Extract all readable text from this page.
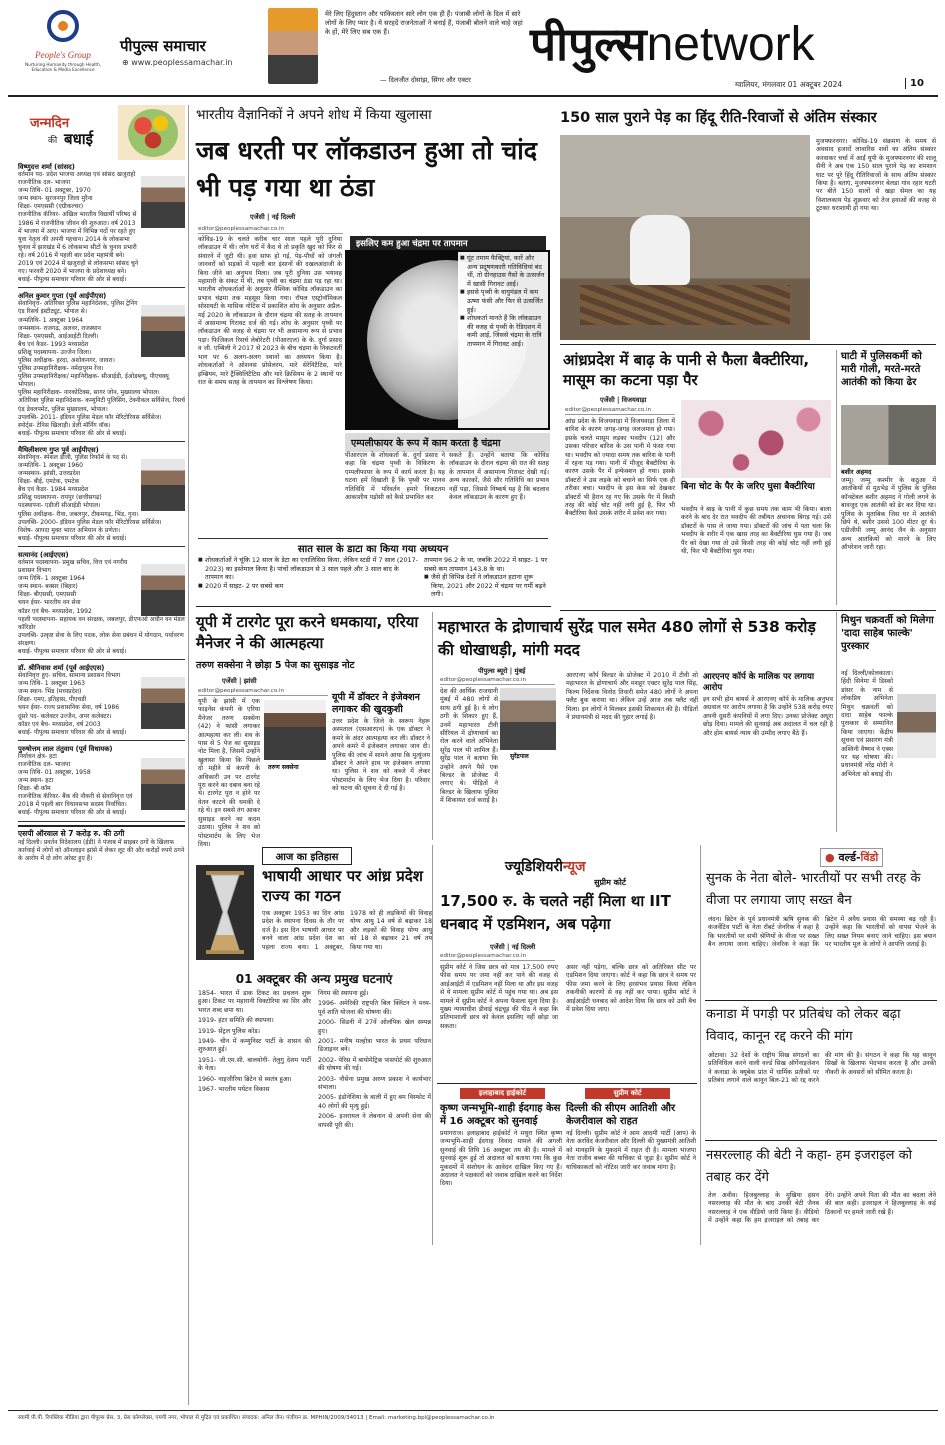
People's Group
Nurturing Humanity through Health, Education & Media Excellence
पीपुल्स समाचार
⊕ www.peoplessamachar.in
मेरे लिए हिंदुस्तान और पाकिस्तान सारे लोग एक ही हैं। पंजाबी लोगों के दिल में सारे लोगों के लिए प्यार है। ये सरहदें राजनेताओं ने बनाई हैं, पंजाबी बोलने वाले चाहे जहां के हों, मेरे लिए सब एक हैं।
— दिलजीत दोसांझ, सिंगर और एक्टर
पीपुल्सnetwork
ग्वालियर, मंगलवार 01 अक्टूबर 2024	10
जन्मदिन
की बधाई
विष्णुदत्त शर्मा (सांसद)
वर्तमान पद- प्रदेश भाजपा अध्यक्ष एवं सांसद खजुराहो
राजनीतिक दल- भाजपा
जन्म तिथि- 01 अक्टूबर, 1970
जन्म स्थान- सुरजनपुर जिला मुरैना
शिक्षा- एमएससी (एग्रीकल्चर)
राजनीतिक कॅरियर- अखिल भारतीय विद्यार्थी परिषद से 1986 में राजनीतिक जीवन की शुरुआत। वर्ष 2013 में भाजपा में आए। भाजपा में विभिन्न पदों पर रहते हुए युवा नेतृत्व की अपनी पहचान। 2014 के लोकसभा चुनाव में झारखंड में 6 लोकसभा सीटों के चुनाव प्रभारी रहे। वर्ष 2016 में पहली बार प्रदेश महामंत्री बने। 2019 एवं 2024 में खजुराहो से लोकसभा सांसद चुने गए। फरवरी 2020 में भाजपा के प्रदेशाध्यक्ष बने।
बधाई- पीपुल्स समाचार परिवार की ओर से बधाई।
अनिल कुमार गुप्ता (पूर्व आईपीएस)
सेवानिवृत्त- अतिरिक्त पुलिस महानिदेशक, पुलिस ट्रेनिंग एंड रिसर्च इंस्टीट्यूट, भोपाल से।
जन्मतिथि- 1 अक्टूबर 1964
जन्मस्थान- राजगढ़, अलवर, राजस्थान
शिक्षा- एमएससी, आईआईटी दिल्ली।
बैच एवं कैडर- 1993 मध्यप्रदेश
प्रशिक्षु पदस्थापना- उज्जैन जिला।
पुलिस अधीक्षक- हरदा, अशोकनगर, जावरा।
पुलिस उपमहानिरीक्षक- नर्मदापुरम रेंज।
पुलिस उपमहानिरीक्षक/ महानिरीक्षक- सीआईडी, ईओडब्ल्यू, पीएचक्यू भोपाल।
पुलिस महानिरीक्षक- नारकोटिक्स, सागर जोन, मुख्यालय भोपाल।
अतिरिक्त पुलिस महानिदेशक- कम्युनिटी पुलिसिंग, टेक्नीकल सर्विसेज, रिसर्च एंड डेवलपमेंट, पुलिस मुख्यालय, भोपाल।
उपलब्धि- 2011- इंडियन पुलिस मेडल फॉर मेरिटोरियस सर्विसेज।
स्पोर्ट्स- टेनिस खिलाड़ी। डेली मॉर्निंग वॉक।
बधाई- पीपुल्स समाचार परिवार की ओर से बधाई।
मैथिलीशरण गुप्त पूर्व आईपीएस)
सेवानिवृत्त- स्पेशल डीजी, पुलिस रिफॉर्म के पद से।
जन्मतिथि- 1 अक्टूबर 1960
जन्मस्थान- झांसी, उत्तरप्रदेश
शिक्षा- बीई, एमटेक, एमटेक
बैच एवं कैडर- 1984 मध्यप्रदेश
प्रशिक्षु पदस्थापना- रायपुर (छत्तीसगढ़)
पदस्थापना- एडीजी सीआईडी भोपाल।
पुलिस अधीक्षक- रीवा, जबलपुर, टीकमगढ़, भिंड, गुना।
उपलब्धि- 2000- इंडियन पुलिस मेडल फॉर मेरिटोरियस सर्विसेज।
विशेष- आपदा मुक्त भारत अभियान के प्रणेता।
बधाई- पीपुल्स समाचार परिवार की ओर से बधाई।
सत्यानंद (आईएएस)
वर्तमान पदस्थापना- प्रमुख सचिव, वित्त एवं नगरीय प्रशासन विभाग
जन्म तिथि- 1 अक्टूबर 1964
जन्म स्थान- बक्सर (बिहार)
शिक्षा- बीएससी, एमएससी
चयन ईयर- भारतीय वन सेवा
कॉडर एवं बैच- मध्यप्रदेश, 1992
पहली पदस्थापना- सहायक वन संरक्षक, जबलपुर, डीएफओ अधीन वन मंडल कॉरिडोर
उपलब्धि- उत्कृष्ट सेवा के लिए पदक, लोक सेवा प्रबंधन में योगदान, पर्यावरण संरक्षण।
बधाई- पीपुल्स समाचार परिवार की ओर से बधाई।
डॉ. श्रीनिवास शर्मा (पूर्व आईएएस)
सेवानिवृत्त हुए- सचिव, सामान्य प्रशासन विभाग
जन्म तिथि- 1 अक्टूबर 1963
जन्म स्थान- भिंड (मध्यप्रदेश)
शिक्षा- एमए, इतिहास, पीएचडी
चयन ईयर- राज्य प्रशासनिक सेवा, वर्ष 1986
दूसरे पद- कलेक्टर उज्जैन, अपर कलेक्टर।
कॉडर एवं बैच- मध्यप्रदेश, वर्ष 2003
बधाई- पीपुल्स समाचार परिवार की ओर से बधाई।
पुरुषोत्तम लाल तंतुवाय (पूर्व विधायक)
निर्वाचन क्षेत्र- हटा
राजनीतिक दल- भाजपा
जन्म तिथि- 01 अक्टूबर, 1958
जन्म स्थान- हटा
शिक्षा- बी कॉम
राजनीतिक कॅरियर- बैंक की नौकरी से सेवानिवृत्त एवं 2018 में पहली बार विधानसभा सदस्य निर्वाचित।
बधाई- पीपुल्स समाचार परिवार की ओर से बधाई।
एसपी ऑरवाल से 7 करोड़ रु. की ठगी
नई दिल्ली। प्रवर्तन निदेशालय (ईडी) ने पंजाब में साइबर ठगों के खिलाफ कार्रवाई में लोगों को ऑनलाइन झांसे में लेकर लूट की और करोड़ों रुपये ठगने के आरोप में दो लोग अरेस्ट हुए हैं।
भारतीय वैज्ञानिकों ने अपने शोध में किया खुलासा
जब धरती पर लॉकडाउन हुआ तो चांद भी पड़ गया था ठंडा
एजेंसी | नई दिल्ली
editor@peoplessamachar.co.in
इसलिए कम हुआ चंद्रमा पर तापमान
■ घूंट तमाम फैक्ट्रियां, कारें और अन्य प्रदूषणकारी गतिविधियां बंद थीं, तो ग्रीनहाउस गैसों के उत्सर्जन में खासी गिरावट आई।
■ इससे पृथ्वी के वायुमंडल में कम ऊष्मा फंसी और फिर से उत्सर्जित हुई।
■ शोधकर्ता मानते हैं कि लॉकडाउन की वजह से पृथ्वी के रेडिएशन में कमी आई, जिससे चंद्रमा के रात्रि तापमान में गिरावट आई।
कोविड-19 के चलते करीब चार साल पहले पूरी दुनिया लॉकडाउन में थी। लोग घरों में कैद थे तो प्रकृति खुद को फिर से संवारने में जुटी थी। हवा साफ हो गई, पेड़-पौधों को जंगली जानवरों को सड़कों में पहली बार इंसानों की दखलअंदाजी के बिना जीने का अनुभव मिला। जब पूरी दुनिया उस भयावह महामारी के संकट में थी, तब पृथ्वी का चंद्रमा ठंडा पड़ रहा था। भारतीय शोधकर्ताओं के अनुसार वैश्विक कोविड लॉकडाउन का प्रभाव चंद्रमा तक महसूस किया गया। रॉयल एस्ट्रोनॉमिकल सोसायटी के मासिक नोटिस में प्रकाशित शोध के अनुसार अप्रैल-मई 2020 के लॉकडाउन के दौरान चंद्रमा की सतह के तापमान में असामान्य गिरावट दर्ज की गई। शोध के अनुसार पृथ्वी पर लॉकडाउन की वजह से चंद्रमा पर भी असामान्य रूप से प्रभाव पड़ा। फिजिकल रिसर्च लेबोरेटरी (पीआरएल) के के. दुर्गा प्रसाद व जी. एम्बिली ने 2017 से 2023 के बीच चंद्रमा के निकटवर्ती भाग पर 6 अलग-अलग स्थानों का अध्ययन किया है। शोधकर्ताओं ने ओशनस प्रोसेलरम, मारे सेरेनिटैटिस, मारे इम्ब्रियम, मारे ट्रैंक्विलिटैटिस और मारे क्रिसियम के 2 स्थानों पर रात के समय सतह के तापमान का विश्लेषण किया।
एम्पलीफायर के रूप में काम करता है चंद्रमा
पीआरएल के शोधकर्ता के. दुर्गा प्रसाद ने कहा कि चंद्रमा पृथ्वी के विकिरण के एम्पलीफायर के रूप में कार्य करता है। यह घटना हमें दिखाती है कि पृथ्वी पर मानव गतिविधि में परिवर्तन हमारे निकटतम आकाशीय पड़ोसी को कैसे प्रभावित कर
सकते हैं। उन्होंने बताया कि कोविड लॉकडाउन के दौरान चंद्रमा की रात की सतह के तापमान में असामान्य गिरावट देखी गई। अन्य कारकों, जैसे सौर गतिविधि का प्रभाव नहीं पड़ा, जिससे निष्कर्ष यह है कि बदलाव केवल लॉकडाउन के कारण हुए हैं।
सात साल के डाटा का किया गया अध्ययन
■ शोधकर्ताओं ने चूंकि 12 साल के डेटा का एनालिसिस किया, लेकिन स्टडी में 7 साल (2017-2023) का इस्तेमाल किया है। पांचों लॉकडाउन से 3 साल पहले और 3 साल बाद के तापमान का।
■ 2020 में साइट- 2 पर सबसे कम
तापमान 96.2 के था, जबकि 2022 में साइट- 1 पर सबसे कम तापमान 143.8 के था।
■ जैसे ही विभिन्न देशों ने लॉकडाउन हटाना शुरू किया, 2021 और 2022 में चंद्रमा पर गर्मी बढ़ने लगी।
150 साल पुराने पेड़ का हिंदू रीति-रिवाजों से अंतिम संस्कार
मुजफ्फरनगर। कोविड-19 संक्रमण के समय से अवसाद हजारों लावारिस शवों का अंतिम संस्कार करवाकर चर्चा में आईं यूपी के मुजफ्फरनगर की शालू सैनी ने अब एक 150 साल पुराने पेड़ का शमशान घाट पर पूरे हिंदू रीतिरिवाजों के साथ अंतिम संस्कार किया है। बताएं, मुजफ्फरनगर बेलडा गांव रहार घटरी पर बीते 150 सालों से खड़ा सेमल का यह विशालकाय पेड़ शुक्रवार को तेज हवाओं की वजह से टूटकर धराशायी हो गया था।
आंध्रप्रदेश में बाढ़ के पानी से फैला बैक्टीरिया, मासूम का कटना पड़ा पैर
एजेंसी | विजयवाड़ा
editor@peoplessamachar.co.in
आंध्र प्रदेश के विजयवाड़ा में विजयवाड़ा जिला में बारिश के कारण जगह-जगह जलजमाव हो गया। इसके चलते मासूम लड़का भवदीप (12) और उसका परिवार बारिश के उस पानी में फंसा गया था। भवदीप को ज्यादा समय तक बारिश के पानी में रहना पड़ गया। पानी में मौजूद बैक्टीरिया के कारण उसके पैर में इन्फेक्शन हो गया। इसके डॉक्टरों ने उस लड़के को बचाने का सिर्फ एक ही तरीका बचा। भवदीप के इस केस को देखकर डॉक्टरों भी हैरान रह गए कि उसके पैर में किसी तरह की कोई चोट नहीं लगी हुई है, फिर भी बैक्टीरिया कैसे उसके शरीर में प्रवेश कर गया।
बिना चोट के पैर के जरिए घुसा बैक्टीरिया
भवदीप ने बाढ़ के पानी में कुछ समय तक काम भी किया। बाला करने के बाद देर रात भवदीप की तबीयत अचानक बिगड़ गई। उसे डॉक्टरों के पास ले जाया गया। डॉक्टरों की जांच में पता चला कि भवदीप के शरीर में एक खास तरह का बैक्टीरिया घुस गया है। जब पैर को देखा गया तो उसे किसी तरह की कोई चोट नहीं लगी हुई थी, फिर भी बैक्टीरिया घुस गया।
घाटी में पुलिसकर्मी को मारी गोली, मरते-मरते आतंकी को किया ढेर
बशीर अहमद
जम्मू। जम्मू कश्मीर के कठुआ में आतंकियों से मुठभेड़ में पुलिस के पुलिस कॉन्स्टेबल बशीर अहमद ने गोली लगने के बावजूद एक आतंकी को ढेर कर दिया था। पुलिस के मुताबिक जिस घर में आतंकी छिपे थे, बशीर उससे 100 मीटर दूर थे। एडीजीपी जम्मू आनंद जैन के अनुसार अन्य आतंकियों को मारने के लिए ऑपरेशन जारी रहा।
मिथुन चक्रवर्ती को मिलेगा 'दादा साहेब फाल्के' पुरस्कार
नई दिल्ली/कोलकाता। हिंदी सिनेमा में डिस्को डांसर के नाम से लोकप्रिय अभिनेता मिथुन चक्रवर्ती को दादा साहेब फाल्के पुरस्कार से सम्मानित किया जाएगा। केंद्रीय सूचना एवं प्रसारण मंत्री अश्विनी वैष्णव ने एक्स पर यह घोषणा की। प्रधानमंत्री नरेंद्र मोदी ने अभिनेता को बधाई दी।
यूपी में टारगेट पूरा करने धमकाया, एरिया मैनेजर ने की आत्महत्या
तरुण सक्सेना ने छोड़ा 5 पेज का सुसाइड नोट
एजेंसी | झांसी
editor@peoplessamachar.co.in
यूपी के झांसी में एक फाइनेंस कंपनी के एरिया मैनेजर तरुण सक्सेना (42) ने फांसी लगाकर आत्महत्या कर ली। शव के पास से 5 पेज का सुसाइड नोट मिला है, जिसमें उन्होंने खुलासा किया कि पिछले दो महीने से कंपनी के अधिकारी उन पर टारगेट पूरा करने का दबाव बना रहे थे। टारगेट पूरा न होने पर वेतन काटने की धमकी दे रहे थे। इन सबसे तंग आकर सुसाइड करने का कदम उठाया। पुलिस ने शव को पोस्टमार्टम के लिए भेज दिया।
तरुण सक्सेना
यूपी में डॉक्टर ने इंजेक्शन लगाकर की खुदकुशी
उत्तर प्रदेश के जिले के स्वरूप नेहरू अस्पताल (एसआरएन) के एक डॉक्टर ने कमरे के अंदर आत्महत्या कर ली। डॉक्टर ने अपने कमरे में इंजेक्शन लगाकर जान दी। पुलिस की जांच में सामने आया कि मुत्युंजय डॉक्टर ने अपने हाथ पर इंजेक्शन लगाया था। पुलिस ने शव को कब्जे में लेकर पोस्टमार्टम के लिए भेज दिया है। परिवार को घटना की सूचना दे दी गई है।
आज का इतिहास
भाषायी आधार पर आंध्र प्रदेश राज्य का गठन
एक अक्टूबर 1953 का दिन आंध्र प्रदेश के स्थापना दिवस के तौर पर दर्ज है। इस दिन भाषायी आधार पर बनने वाला आंध्र प्रदेश देश का पहला राज्य बना। 1 अक्टूबर, 1978 को ही लड़कियों की विवाह योग्य आयु 14 वर्ष से बढ़ाकर 18 और लड़कों की विवाह योग्य आयु को 18 से बढ़ाकर 21 वर्ष तय किया गया था।
01 अक्टूबर की अन्य प्रमुख घटनाएं
1854- भारत में डाक टिकट का प्रचलन शुरू हुआ। टिकट पर महारानी विक्टोरिया का सिर और भारत शब्द छपा था।
1919- हंटर समिति की स्थापना।
1919- सेंट्रल पुलिस कोड।
1949- चीन में कम्युनिस्ट पार्टी के शासन की शुरुआत हुई।
1951- जी.एम.सी. बालयोगी- तेलुगु देशम पार्टी के नेता।
1960- नाइजीरिया ब्रिटेन से स्वतंत्र हुआ।
1967- भारतीय पर्यटन विकास
निगम की स्थापना हुई।
1996- अमेरिकी राष्ट्रपति बिल क्लिंटन ने मध्य-पूर्व शांति योजना की घोषणा की।
2000- सिडनी में 27वें ओलंपिक खेल सम्पन्न हुए।
2001- मनीष मल्होत्रा भारत के प्रथम परिधान डिजाइनर बने।
2002- पेरिस में बायोमेट्रिक पासपोर्ट की शुरुआत की घोषणा की गई।
2003- नौसेना प्रमुख अरुण प्रकाश ने कार्यभार संभाला।
2005- इंडोनेशिया के बाली में हुए बम विस्फोट में 40 लोगों की मृत्यु हुई।
2006- इजरायल ने लेबनान से अपनी सेना की वापसी पूरी की।
महाभारत के द्रोणाचार्य सुरेंद्र पाल समेत 480 लोगों से 538 करोड़ की धोखाधड़ी, मांगी मदद
पीपुल्स ब्यूरो | मुंबई
editor@peoplessamachar.co.in
देश की आर्थिक राजधानी मुंबई में 480 लोगों से साथ ठगी हुई है। ये लोग ठगी के शिकार हुए हैं, उनमें महाभारत टीवी सीरियल में द्रोणाचार्य का रोल करने वाले अभिनेता सुरेंद्र पाल भी शामिल हैं। सुरेंद्र पाल ने बताया कि उन्होंने अपने पैसे एक बिल्डर के प्रोजेक्ट में लगाए थे। पीड़ितों ने बिल्डर के खिलाफ पुलिस में शिकायत दर्ज कराई है।
सुरेंद्रपाल
आरएनए कॉर्प बिल्डर के प्रोजेक्ट में 2010 में टीवी शो महाभारत के द्रोणाचार्य और मशहूर एक्टर सुरेंद्र पाल सिंह, फिल्म निर्देशक विनोद तिवारी समेत 480 लोगों ने अपना फ्लैट बुक कराया था। लेकिन उन्हें आज तक फ्लैट नहीं मिला। इन लोगों ने मिलकर इसकी शिकायत की है। पीड़ितों ने प्रधानमंत्री से मदद की गुहार लगाई है।
आरएनए कॉर्प के मालिक पर लगाया आरोप
इन सभी होम बायर्स ने आरएनए कॉर्प के मालिक अनुभव अग्रवाल पर आरोप लगाया है कि उन्होंने 538 करोड़ रुपए अपनी दूसरी कंपनियों में लगा दिए। उनका प्रोजेक्ट अधूरा छोड़ दिया। मामले की सुनवाई अब अदालत में चल रही है और होम बायर्स न्याय की उम्मीद लगाए बैठे हैं।
ज्यूडिशियरीन्यूज
सुप्रीम कोर्ट
17,500 रु. के चलते नहीं मिला था IIT धनबाद में एडमिशन, अब पढ़ेगा
एजेंसी | नई दिल्ली
editor@peoplessamachar.co.in
सुप्रीम कोर्ट ने जिस छात्र को मात्र 17,500 रुपए फीस समय पर जमा नहीं कर पाने की वजह से आईआईटी में एडमिशन नहीं मिला था और इस वजह से ये मामला सुप्रीम कोर्ट में पहुंच गया था। अब इस मामले में सुप्रीम कोर्ट ने अपना फैसला सुना दिया है। मुख्य न्यायाधीश डीवाई चंद्रचूड़ की पीठ ने कहा कि प्रतिभाशाली छात्र को केवल इसलिए नहीं छोड़ा जा सकता।
असर नहीं पड़ेगा, बल्कि छात्र को अतिरिक्त सीट पर एडमिशन दिया जाएगा। कोर्ट ने कहा कि छात्र ने समय पर फीस जमा करने के लिए हरसंभव प्रयास किया लेकिन तकनीकी कारणों से वह नहीं कर पाया। सुप्रीम कोर्ट ने आईआईटी धनबाद को आदेश दिया कि छात्र को उसी बैच में प्रवेश दिया जाए।
इलाहाबाद हाईकोर्ट
कृष्ण जन्मभूमि-शाही ईदगाह केस में 16 अक्टूबर को सुनवाई
प्रयागराज। इलाहाबाद हाईकोर्ट ने मथुरा स्थित कृष्ण जन्मभूमि-शाही ईदगाह विवाद मामले की अगली सुनवाई की तिथि 16 अक्टूबर तय की है। मामले में सुनवाई शुरू हुई तो अदालत को बताया गया कि कुछ मुकदमों में संशोधन के आवेदन दाखिल किए गए हैं। अदालत ने पक्षकारों को जवाब दाखिल करने का निर्देश दिया।
सुप्रीम कोर्ट
दिल्ली की सीएम आतिशी और केजरीवाल को राहत
नई दिल्ली। सुप्रीम कोर्ट ने आम आदमी पार्टी (आप) के नेता अरविंद केजरीवाल और दिल्ली की मुख्यमंत्री आतिशी को मानहानि के मुकदमे में राहत दी है। मामला भाजपा नेता राजीव बब्बर की याचिका से जुड़ा है। सुप्रीम कोर्ट ने याचिकाकर्ता को नोटिस जारी कर जवाब मांगा है।
● वर्ल्ड-विंडो
सुनक के नेता बोले- भारतीयों पर सभी तरह के वीजा पर लगाया जाए सख्त बैन
लंदन। ब्रिटेन के पूर्व प्रधानमंत्री ऋषि सुनक की कंजर्वेटिव पार्टी के नेता रॉबर्ट जेनरिक ने कहा है कि भारतीयों पर सभी श्रेणियों के वीजा पर सख्त बैन लगाया जाना चाहिए। जेनरिक ने कहा कि ब्रिटेन में अवैध प्रवास की समस्या बढ़ रही है। उन्होंने कहा कि भारतीयों को वापस भेजने के लिए सख्त नियम बनाए जाने चाहिए। इस बयान पर भारतीय मूल के लोगों ने आपत्ति जताई है।
कनाडा में पगड़ी पर प्रतिबंध को लेकर बढ़ा विवाद, कानून रद्द करने की मांग
ओटावा। 32 देशों के राष्ट्रीय सिख संगठनों का प्रतिनिधित्व करने वाली वर्ल्ड सिख ऑर्गेनाइजेशन ने कनाडा के क्यूबेक प्रांत में धार्मिक प्रतीकों पर प्रतिबंध लगाने वाले कानून बिल-21 को रद्द करने की मांग की है। संगठन ने कहा कि यह कानून सिखों के खिलाफ भेदभाव करता है और उनकी नौकरी के अवसरों को सीमित करता है।
नसरल्लाह की बेटी ने कहा- हम इजराइल को तबाह कर देंगे
तेल अवीव। हिजबुल्लाह के मुखिया हसन नसरल्लाह की मौत के बाद उनकी बेटी जैनब नसरल्लाह ने एक वीडियो जारी किया है। वीडियो में उन्होंने कहा कि हम इजराइल को तबाह कर देंगे। उन्होंने अपने पिता की मौत का बदला लेने की बात कही। इजराइल ने हिजबुल्लाह के कई ठिकानों पर हमले जारी रखे हैं।
स्वामी पी.पी. रिपब्लिक मीडिया द्वारा पीपुल्स प्रेस, 3, प्रेस कॉम्प्लेक्स, एमपी नगर, भोपाल से मुद्रित एवं प्रकाशित। संपादक: अनिल जैन। पंजीयन क्र. MPHIN/2009/34013 | Email: marketing.bpl@peoplessamachar.co.in
